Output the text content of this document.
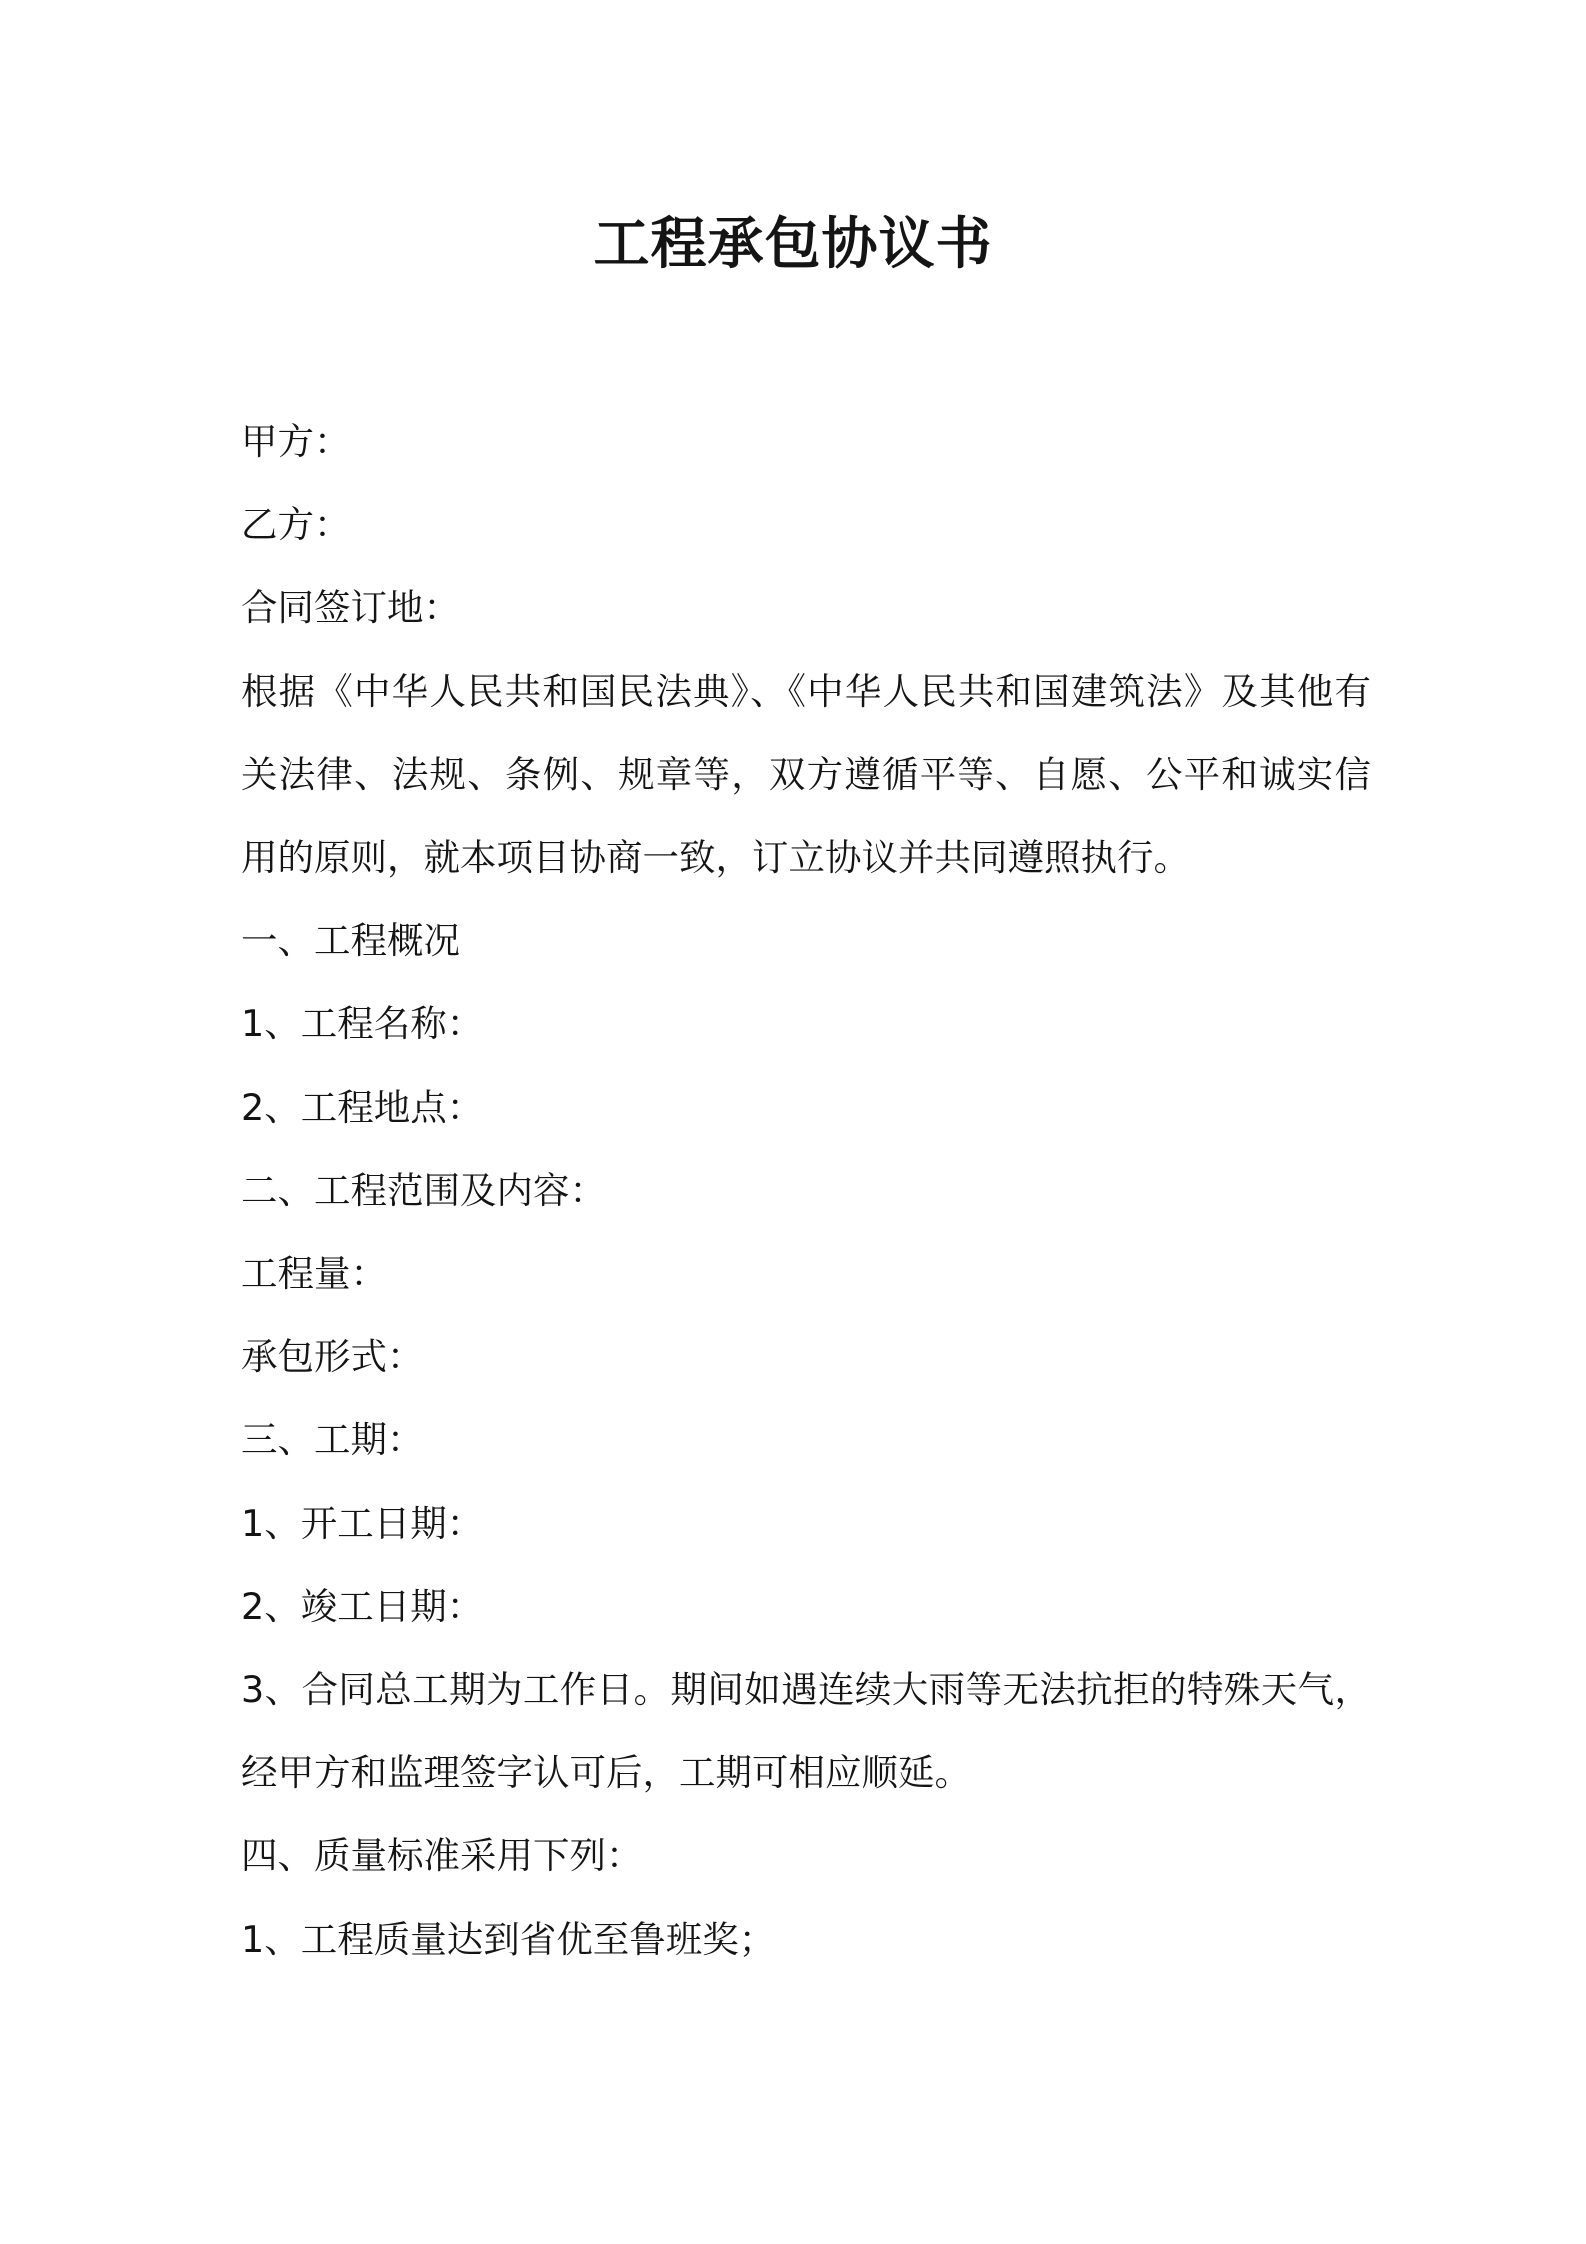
工程承包协议书

甲方：

乙方：

合同签订地：

根据《中华人民共和国民法典》、《中华人民共和国建筑法》及其他有关法律、法规、条例、规章等，双方遵循平等、自愿、公平和诚实信用的原则，就本项目协商一致，订立协议并共同遵照执行。

一、工程概况

1、工程名称：

2、工程地点：

二、工程范围及内容：

工程量：

承包形式：

三、工期：

1、开工日期：

2、竣工日期：

3、合同总工期为工作日。期间如遇连续大雨等无法抗拒的特殊天气，经甲方和监理签字认可后，工期可相应顺延。

四、质量标准采用下列：

1、工程质量达到省优至鲁班奖；
